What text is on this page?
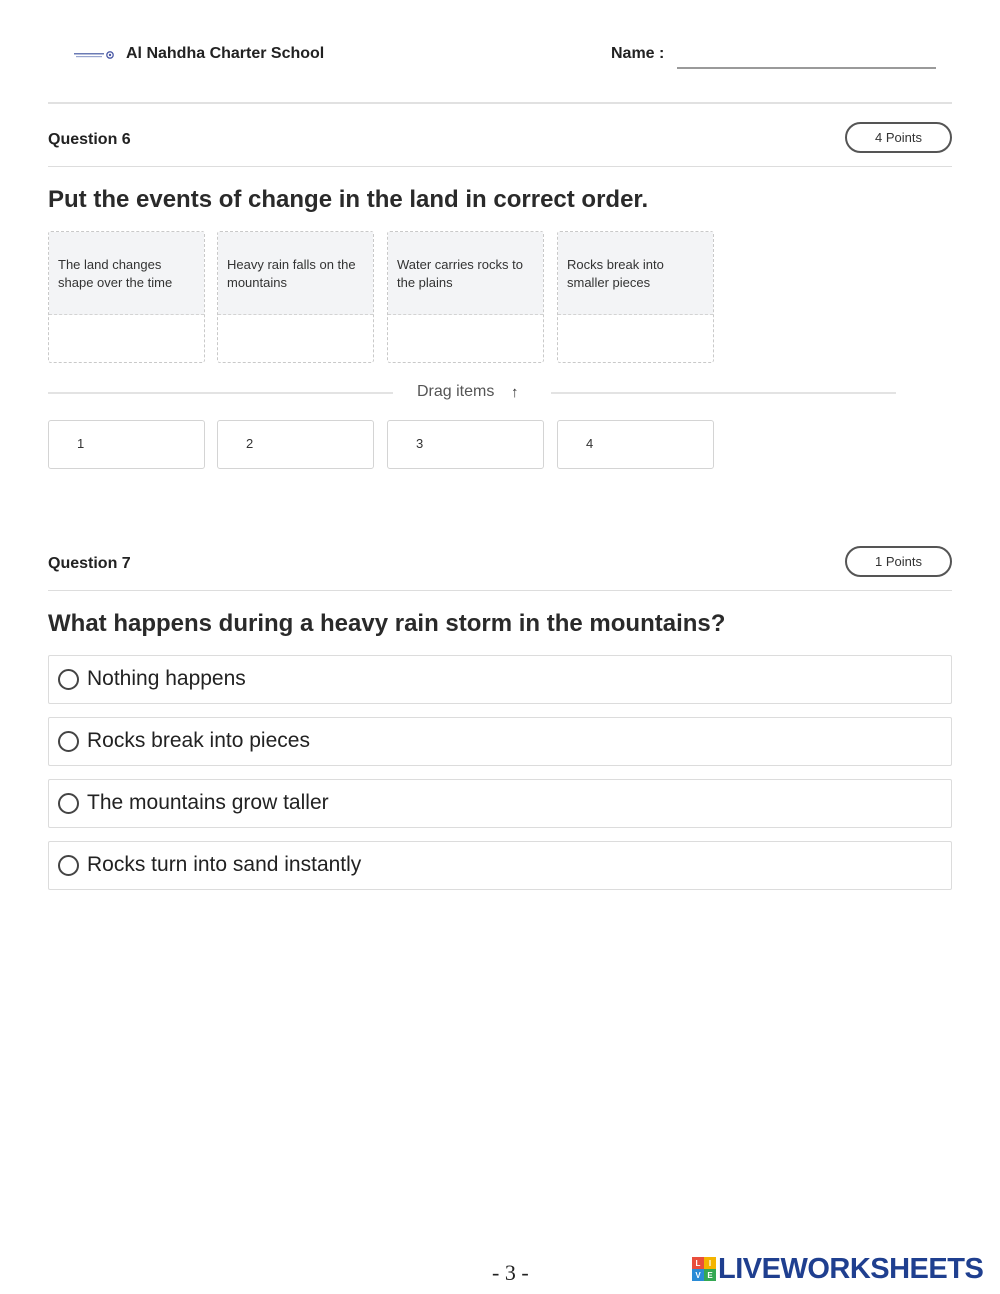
Al Nahdha Charter School	Name :
Question 6	4 Points
Put the events of change in the land in correct order.
The land changes shape over the time
Heavy rain falls on the mountains
Water carries rocks to the plains
Rocks break into smaller pieces
Drag items ↑
1	2	3	4
Question 7	1 Points
What happens during a heavy rain storm in the mountains?
Nothing happens
Rocks break into pieces
The mountains grow taller
Rocks turn into sand instantly
- 3 -	L	I
V E LIVEWORKSHEETS
